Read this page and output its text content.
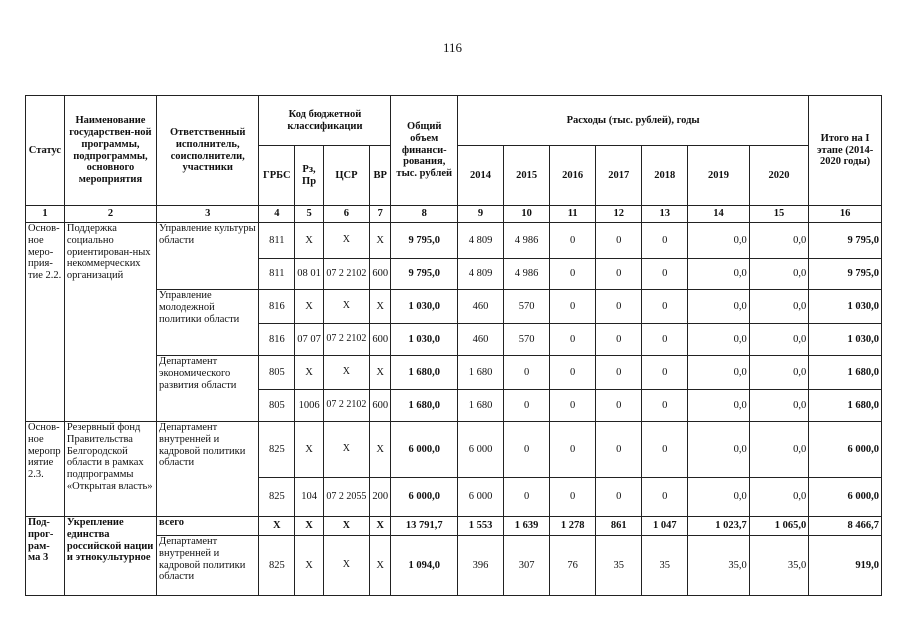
116
Статус	Наименование государствен-ной программы, подпрограммы, основного мероприятия	Ответственный исполнитель, соисполнители, участники	Код бюджетной классификации				Общий объем финанси-рования, тыс. рублей	Расходы (тыс. рублей), годы							Итого на I этапе (2014-2020 годы)
			ГРБС	Рз, Пр	ЦСР	ВР		2014	2015	2016	2017	2018	2019	2020	
1	2	3	4	5	6	7	8	9	10	11	12	13	14	15	16
Основ-ное меро-прия-тие 2.2.	Поддержка социально ориентирован-ных некоммерческих организаций	Управление культуры области	811	Х	Х	Х	9 795,0	4 809	4 986	0	0	0	0,0	0,0	9 795,0
			811	08 01	07 2 2102	600	9 795,0	4 809	4 986	0	0	0	0,0	0,0	9 795,0
		Управление молодежной политики области	816	Х	Х	Х	1 030,0	460	570	0	0	0	0,0	0,0	1 030,0
			816	07 07	07 2 2102	600	1 030,0	460	570	0	0	0	0,0	0,0	1 030,0
		Департамент экономического развития области	805	Х	Х	Х	1 680,0	1 680	0	0	0	0	0,0	0,0	1 680,0
			805	1006	07 2 2102	600	1 680,0	1 680	0	0	0	0	0,0	0,0	1 680,0
Основ-ное меропр иятие 2.3.	Резервный фонд Правительства Белгородской области в рамках подпрограммы «Открытая власть»	Департамент внутренней и кадровой политики области	825	Х	Х	Х	6 000,0	6 000	0	0	0	0	0,0	0,0	6 000,0
			825	104	07 2 2055	200	6 000,0	6 000	0	0	0	0	0,0	0,0	6 000,0
Под-прог-рам-ма 3	Укрепление единства российской нации и этнокультурное	всего	Х	Х	Х	Х	13 791,7	1 553	1 639	1 278	861	1 047	1 023,7	1 065,0	8 466,7
		Департамент внутренней и кадровой политики области	825	Х	Х	Х	1 094,0	396	307	76	35	35	35,0	35,0	919,0
